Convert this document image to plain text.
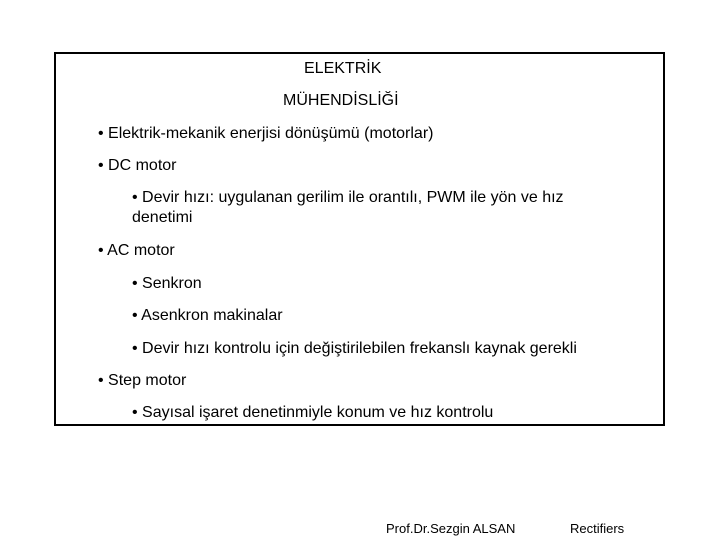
ELEKTRİK
MÜHENDİSLİĞİ
• Elektrik-mekanik enerjisi dönüşümü (motorlar)
• DC motor
• Devir hızı: uygulanan gerilim ile orantılı, PWM ile yön ve hız denetimi
• AC motor
• Senkron
• Asenkron makinalar
• Devir hızı kontrolu için değiştirilebilen frekanslı kaynak gerekli
• Step motor
• Sayısal işaret denetinmiyle konum ve hız kontrolu
Prof.Dr.Sezgin ALSAN	Rectifiers
